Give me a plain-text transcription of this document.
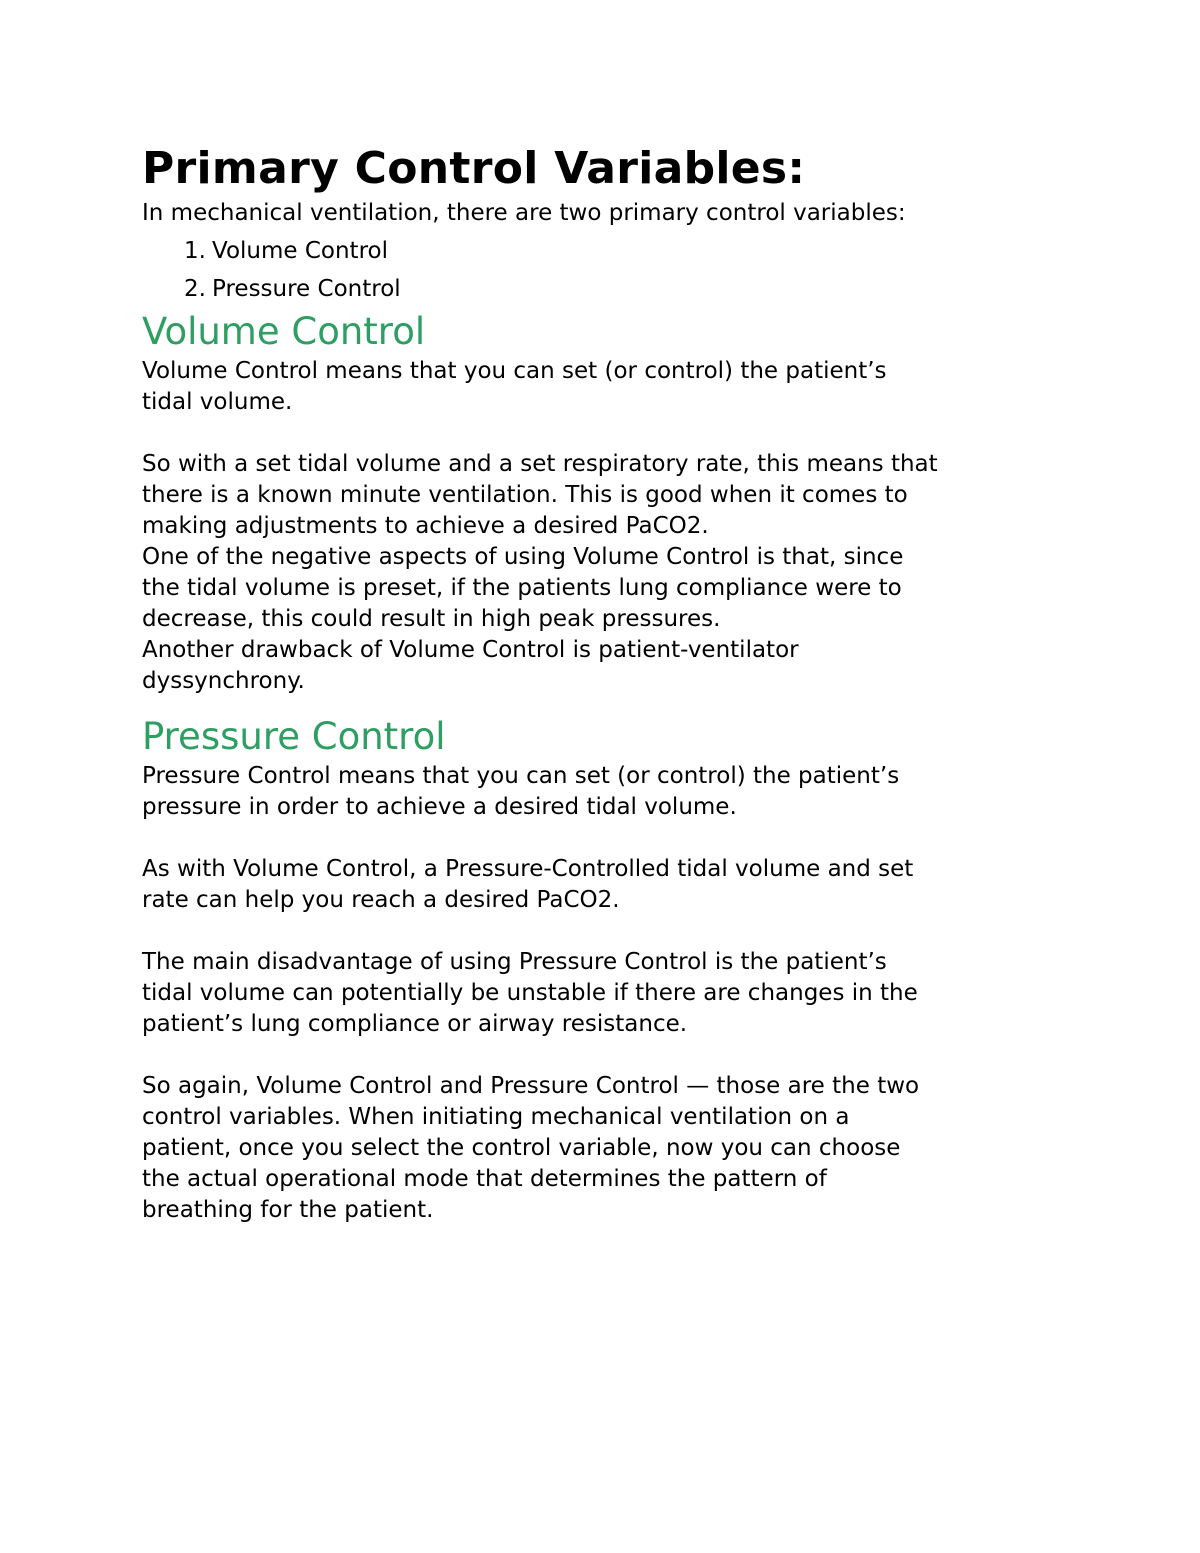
Primary Control Variables:

In mechanical ventilation, there are two primary control variables:

1. Volume Control
2. Pressure Control
Volume Control

Volume Control means that you can set (or control) the patient’s

tidal volume.

So with a set tidal volume and a set respiratory rate, this means that

there is a known minute ventilation. This is good when it comes to

making adjustments to achieve a desired PaCO2.

One of the negative aspects of using Volume Control is that, since

the tidal volume is preset, if the patients lung compliance were to

decrease, this could result in high peak pressures.

Another drawback of Volume Control is patient-ventilator

dyssynchrony.

Pressure Control

Pressure Control means that you can set (or control) the patient’s

pressure in order to achieve a desired tidal volume.

As with Volume Control, a Pressure-Controlled tidal volume and set

rate can help you reach a desired PaCO2.

The main disadvantage of using Pressure Control is the patient’s

tidal volume can potentially be unstable if there are changes in the

patient’s lung compliance or airway resistance.

So again, Volume Control and Pressure Control — those are the two

control variables. When initiating mechanical ventilation on a

patient, once you select the control variable, now you can choose

the actual operational mode that determines the pattern of

breathing for the patient.
